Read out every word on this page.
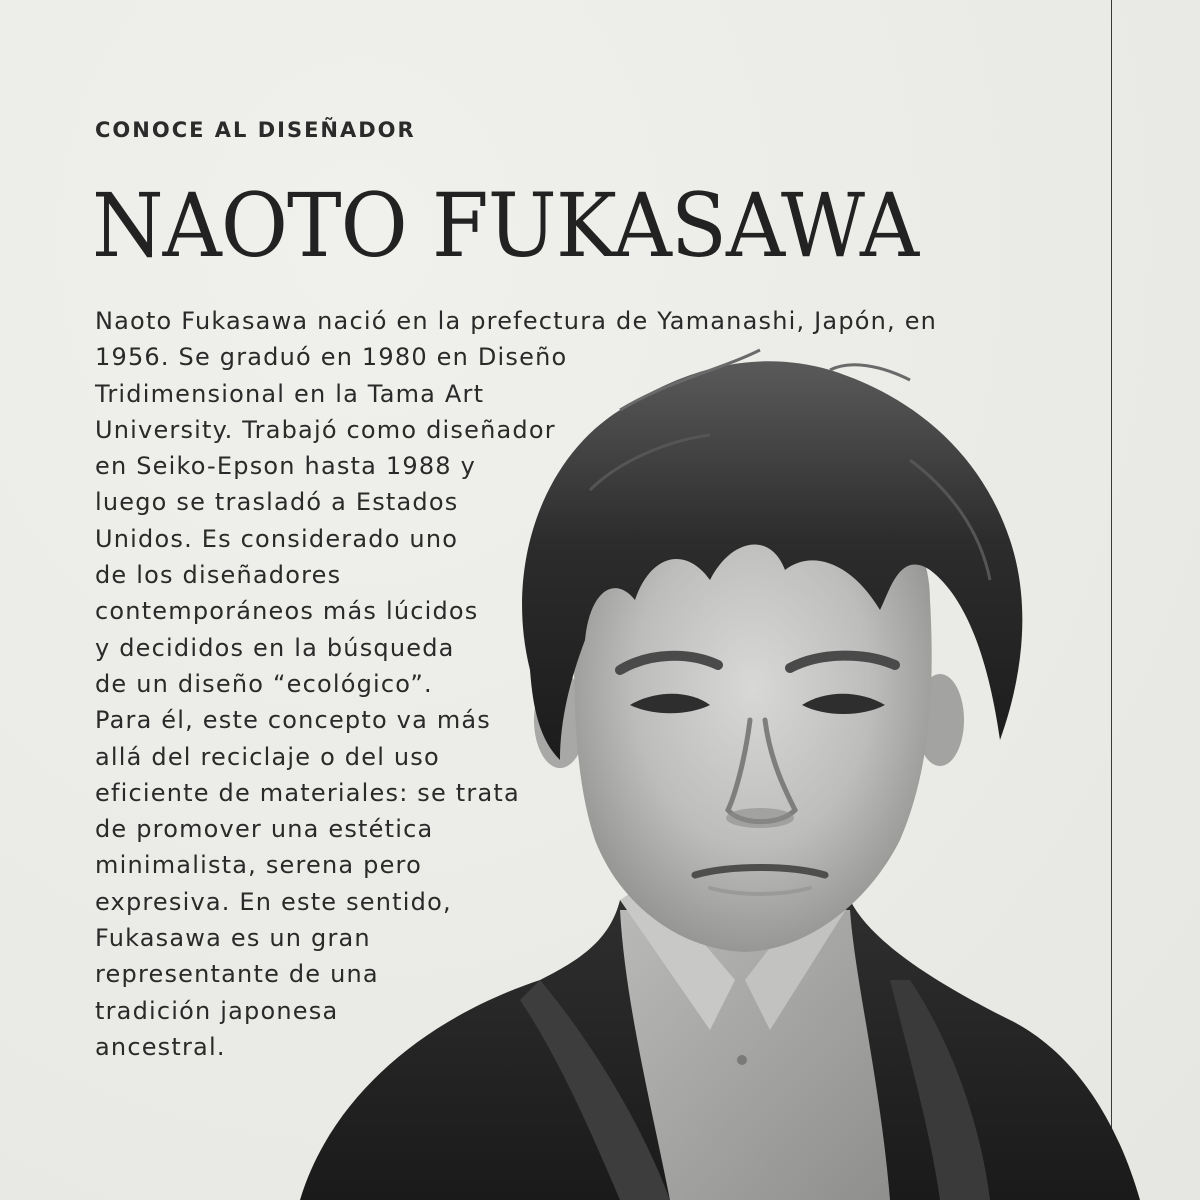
CONOCE AL DISEÑADOR
NAOTO FUKASAWA
Naoto Fukasawa nació en la prefectura de Yamanashi, Japón, en
1956. Se graduó en 1980 en Diseño
Tridimensional en la Tama Art
University. Trabajó como diseñador
en Seiko-Epson hasta 1988 y
luego se trasladó a Estados
Unidos. Es considerado uno
de los diseñadores
contemporáneos más lúcidos
y decididos en la búsqueda
de un diseño “ecológico”.
Para él, este concepto va más
allá del reciclaje o del uso
eficiente de materiales: se trata
de promover una estética
minimalista, serena pero
expresiva. En este sentido,
Fukasawa es un gran
representante de una
tradición japonesa
ancestral.
